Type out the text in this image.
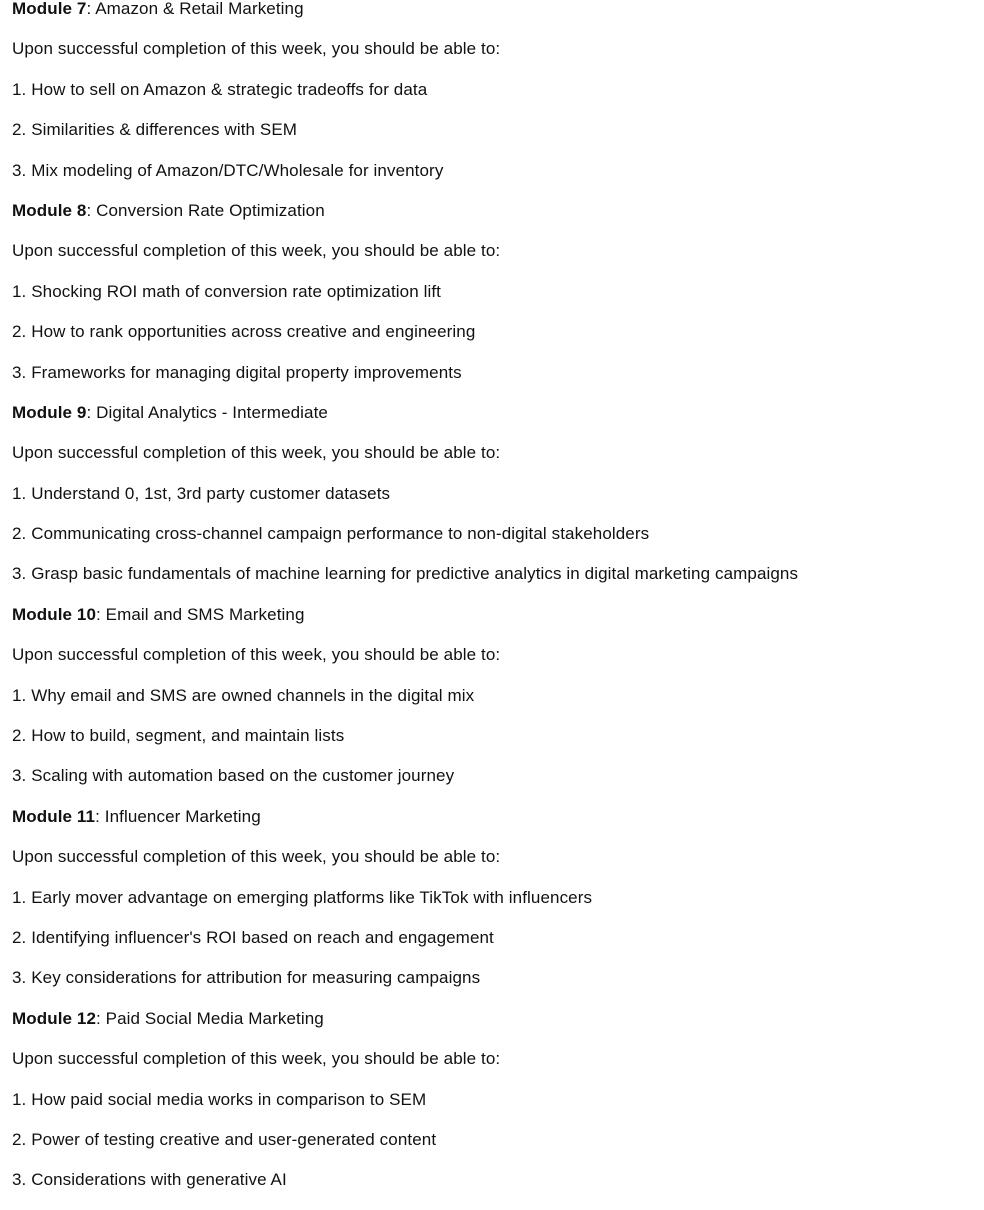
Module 7: Amazon & Retail Marketing
Upon successful completion of this week, you should be able to:
1. How to sell on Amazon & strategic tradeoffs for data
2. Similarities & differences with SEM
3. Mix modeling of Amazon/DTC/Wholesale for inventory
Module 8: Conversion Rate Optimization
Upon successful completion of this week, you should be able to:
1. Shocking ROI math of conversion rate optimization lift
2. How to rank opportunities across creative and engineering
3. Frameworks for managing digital property improvements
Module 9: Digital Analytics - Intermediate
Upon successful completion of this week, you should be able to:
1. Understand 0, 1st, 3rd party customer datasets
2. Communicating cross-channel campaign performance to non-digital stakeholders
3. Grasp basic fundamentals of machine learning for predictive analytics in digital marketing campaigns
Module 10: Email and SMS Marketing
Upon successful completion of this week, you should be able to:
1. Why email and SMS are owned channels in the digital mix
2. How to build, segment, and maintain lists
3. Scaling with automation based on the customer journey
Module 11: Influencer Marketing
Upon successful completion of this week, you should be able to:
1. Early mover advantage on emerging platforms like TikTok with influencers
2. Identifying influencer's ROI based on reach and engagement
3. Key considerations for attribution for measuring campaigns
Module 12: Paid Social Media Marketing
Upon successful completion of this week, you should be able to:
1. How paid social media works in comparison to SEM
2. Power of testing creative and user-generated content
3. Considerations with generative AI
